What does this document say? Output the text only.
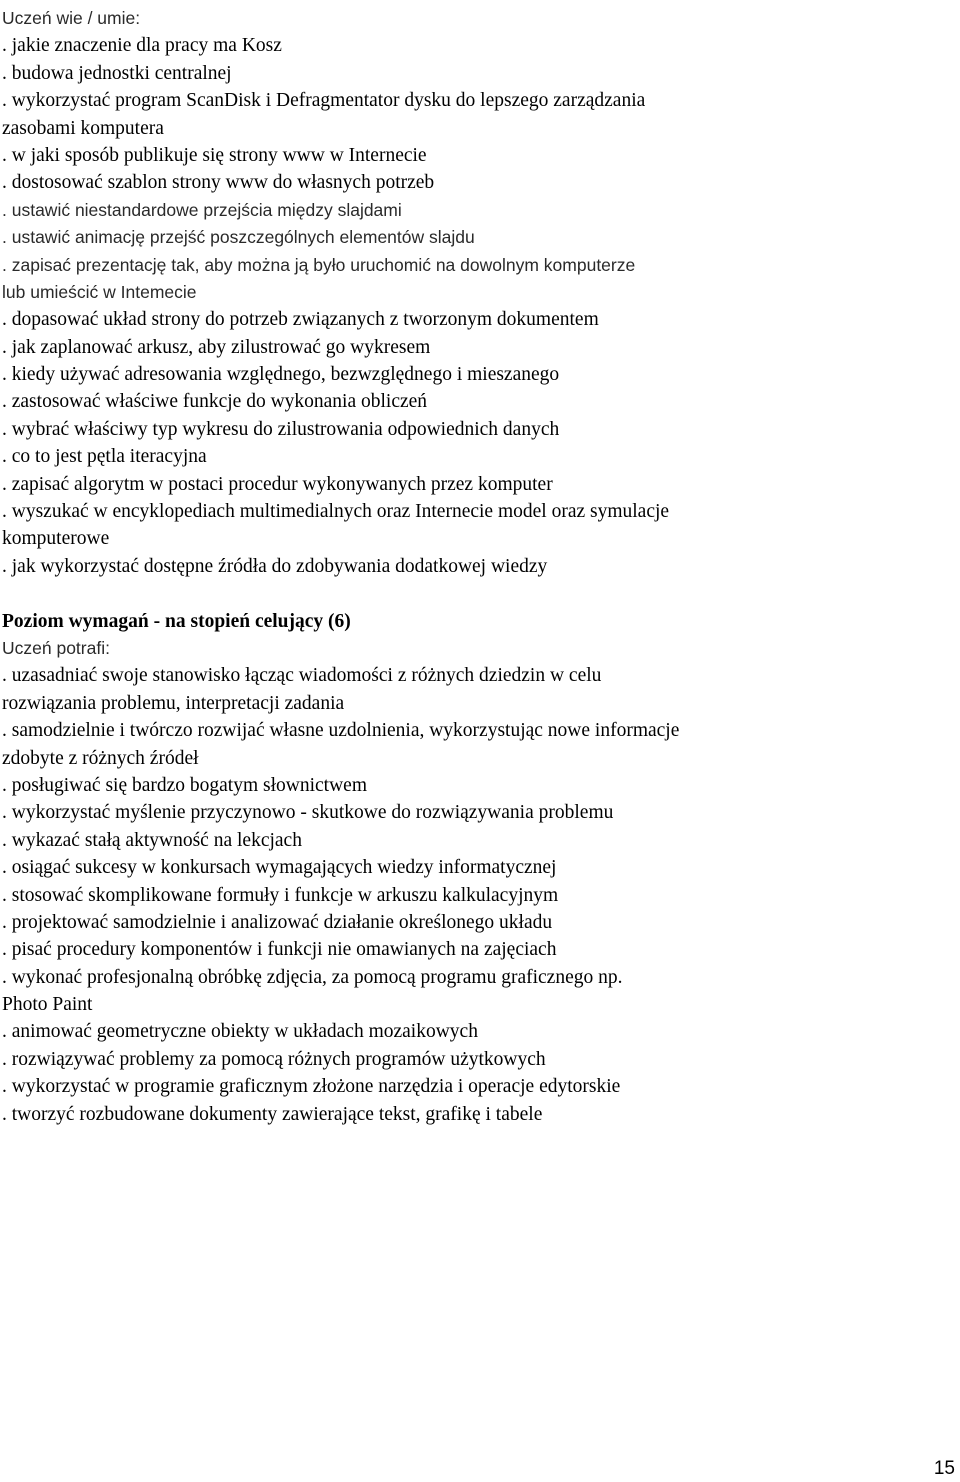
Uczeń wie / umie:
. jakie znaczenie dla pracy ma Kosz
. budowa jednostki centralnej
. wykorzystać program ScanDisk i Defragmentator dysku do lepszego zarządzania
zasobami komputera
. w jaki sposób publikuje się strony www w Internecie
. dostosować szablon strony www do własnych potrzeb
. ustawić niestandardowe przejścia między slajdami
. ustawić animację przejść poszczególnych elementów slajdu
. zapisać prezentację tak, aby można ją było uruchomić na dowolnym komputerze
lub umieścić w Intemecie
. dopasować układ strony do potrzeb związanych z tworzonym dokumentem
. jak zaplanować arkusz, aby zilustrować go wykresem
. kiedy używać adresowania względnego, bezwzględnego i mieszanego
. zastosować właściwe funkcje do wykonania obliczeń
. wybrać właściwy typ wykresu do zilustrowania odpowiednich danych
. co to jest pętla iteracyjna
. zapisać algorytm w postaci procedur wykonywanych przez komputer
. wyszukać w encyklopediach multimedialnych oraz Internecie model oraz symulacje
komputerowe
. jak wykorzystać dostępne źródła do zdobywania dodatkowej wiedzy
Poziom wymagań - na stopień celujący (6)
Uczeń potrafi:
. uzasadniać swoje stanowisko łącząc wiadomości z różnych dziedzin w celu
rozwiązania problemu, interpretacji zadania
. samodzielnie i twórczo rozwijać własne uzdolnienia, wykorzystując nowe informacje
zdobyte z różnych źródeł
. posługiwać się bardzo bogatym słownictwem
. wykorzystać myślenie przyczynowo - skutkowe do rozwiązywania problemu
. wykazać stałą aktywność na lekcjach
. osiągać sukcesy w konkursach wymagających wiedzy informatycznej
. stosować skomplikowane formuły i funkcje w arkuszu kalkulacyjnym
. projektować samodzielnie i analizować działanie określonego układu
. pisać procedury komponentów i funkcji nie omawianych na zajęciach
. wykonać profesjonalną obróbkę zdjęcia, za pomocą programu graficznego np.
Photo Paint
. animować geometryczne obiekty w układach mozaikowych
. rozwiązywać problemy za pomocą różnych programów użytkowych
. wykorzystać w programie graficznym złożone narzędzia i operacje edytorskie
. tworzyć rozbudowane dokumenty zawierające tekst, grafikę i tabele
15
